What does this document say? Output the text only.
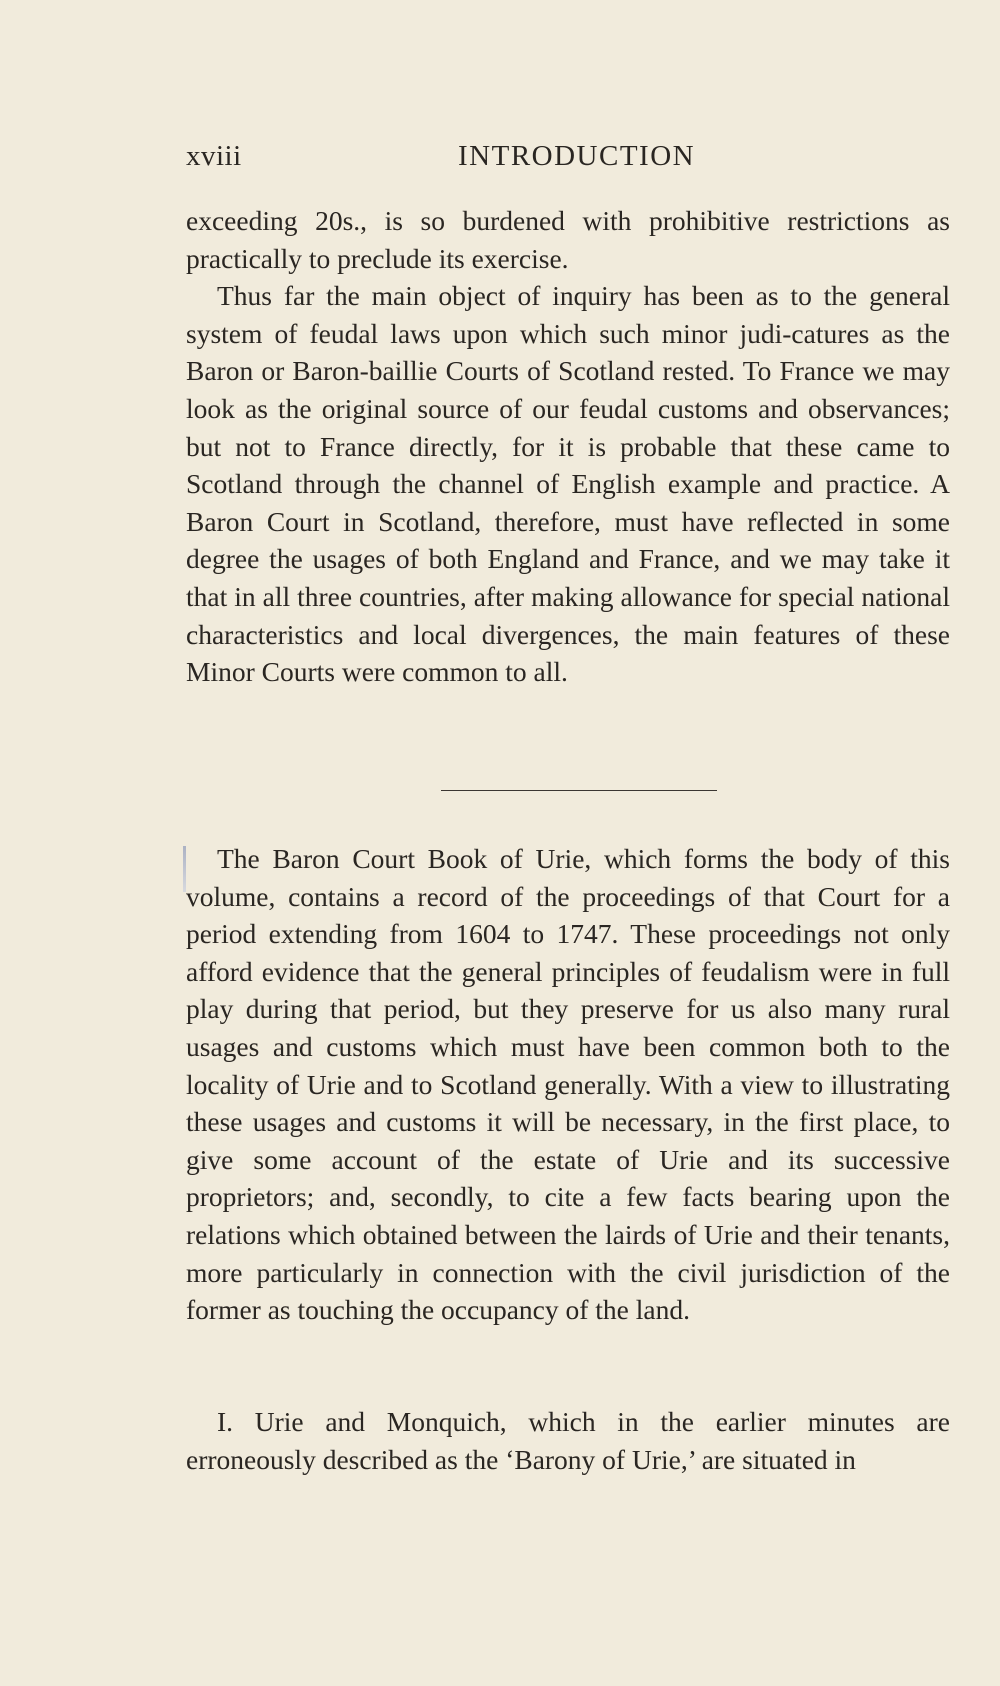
xviii	INTRODUCTION

exceeding 20s., is so burdened with prohibitive restrictions as practically to preclude its exercise.

Thus far the main object of inquiry has been as to the general system of feudal laws upon which such minor judi-catures as the Baron or Baron-baillie Courts of Scotland rested. To France we may look as the original source of our feudal customs and observances; but not to France directly, for it is probable that these came to Scotland through the channel of English example and practice. A Baron Court in Scotland, therefore, must have reflected in some degree the usages of both England and France, and we may take it that in all three countries, after making allowance for special national characteristics and local divergences, the main features of these Minor Courts were common to all.

The Baron Court Book of Urie, which forms the body of this volume, contains a record of the proceedings of that Court for a period extending from 1604 to 1747. These proceedings not only afford evidence that the general principles of feudalism were in full play during that period, but they preserve for us also many rural usages and customs which must have been common both to the locality of Urie and to Scotland generally. With a view to illustrating these usages and customs it will be necessary, in the first place, to give some account of the estate of Urie and its successive proprietors; and, secondly, to cite a few facts bearing upon the relations which obtained between the lairds of Urie and their tenants, more particularly in connection with the civil jurisdiction of the former as touching the occupancy of the land.

I. Urie and Monquich, which in the earlier minutes are erroneously described as the ‘Barony of Urie,’ are situated in
